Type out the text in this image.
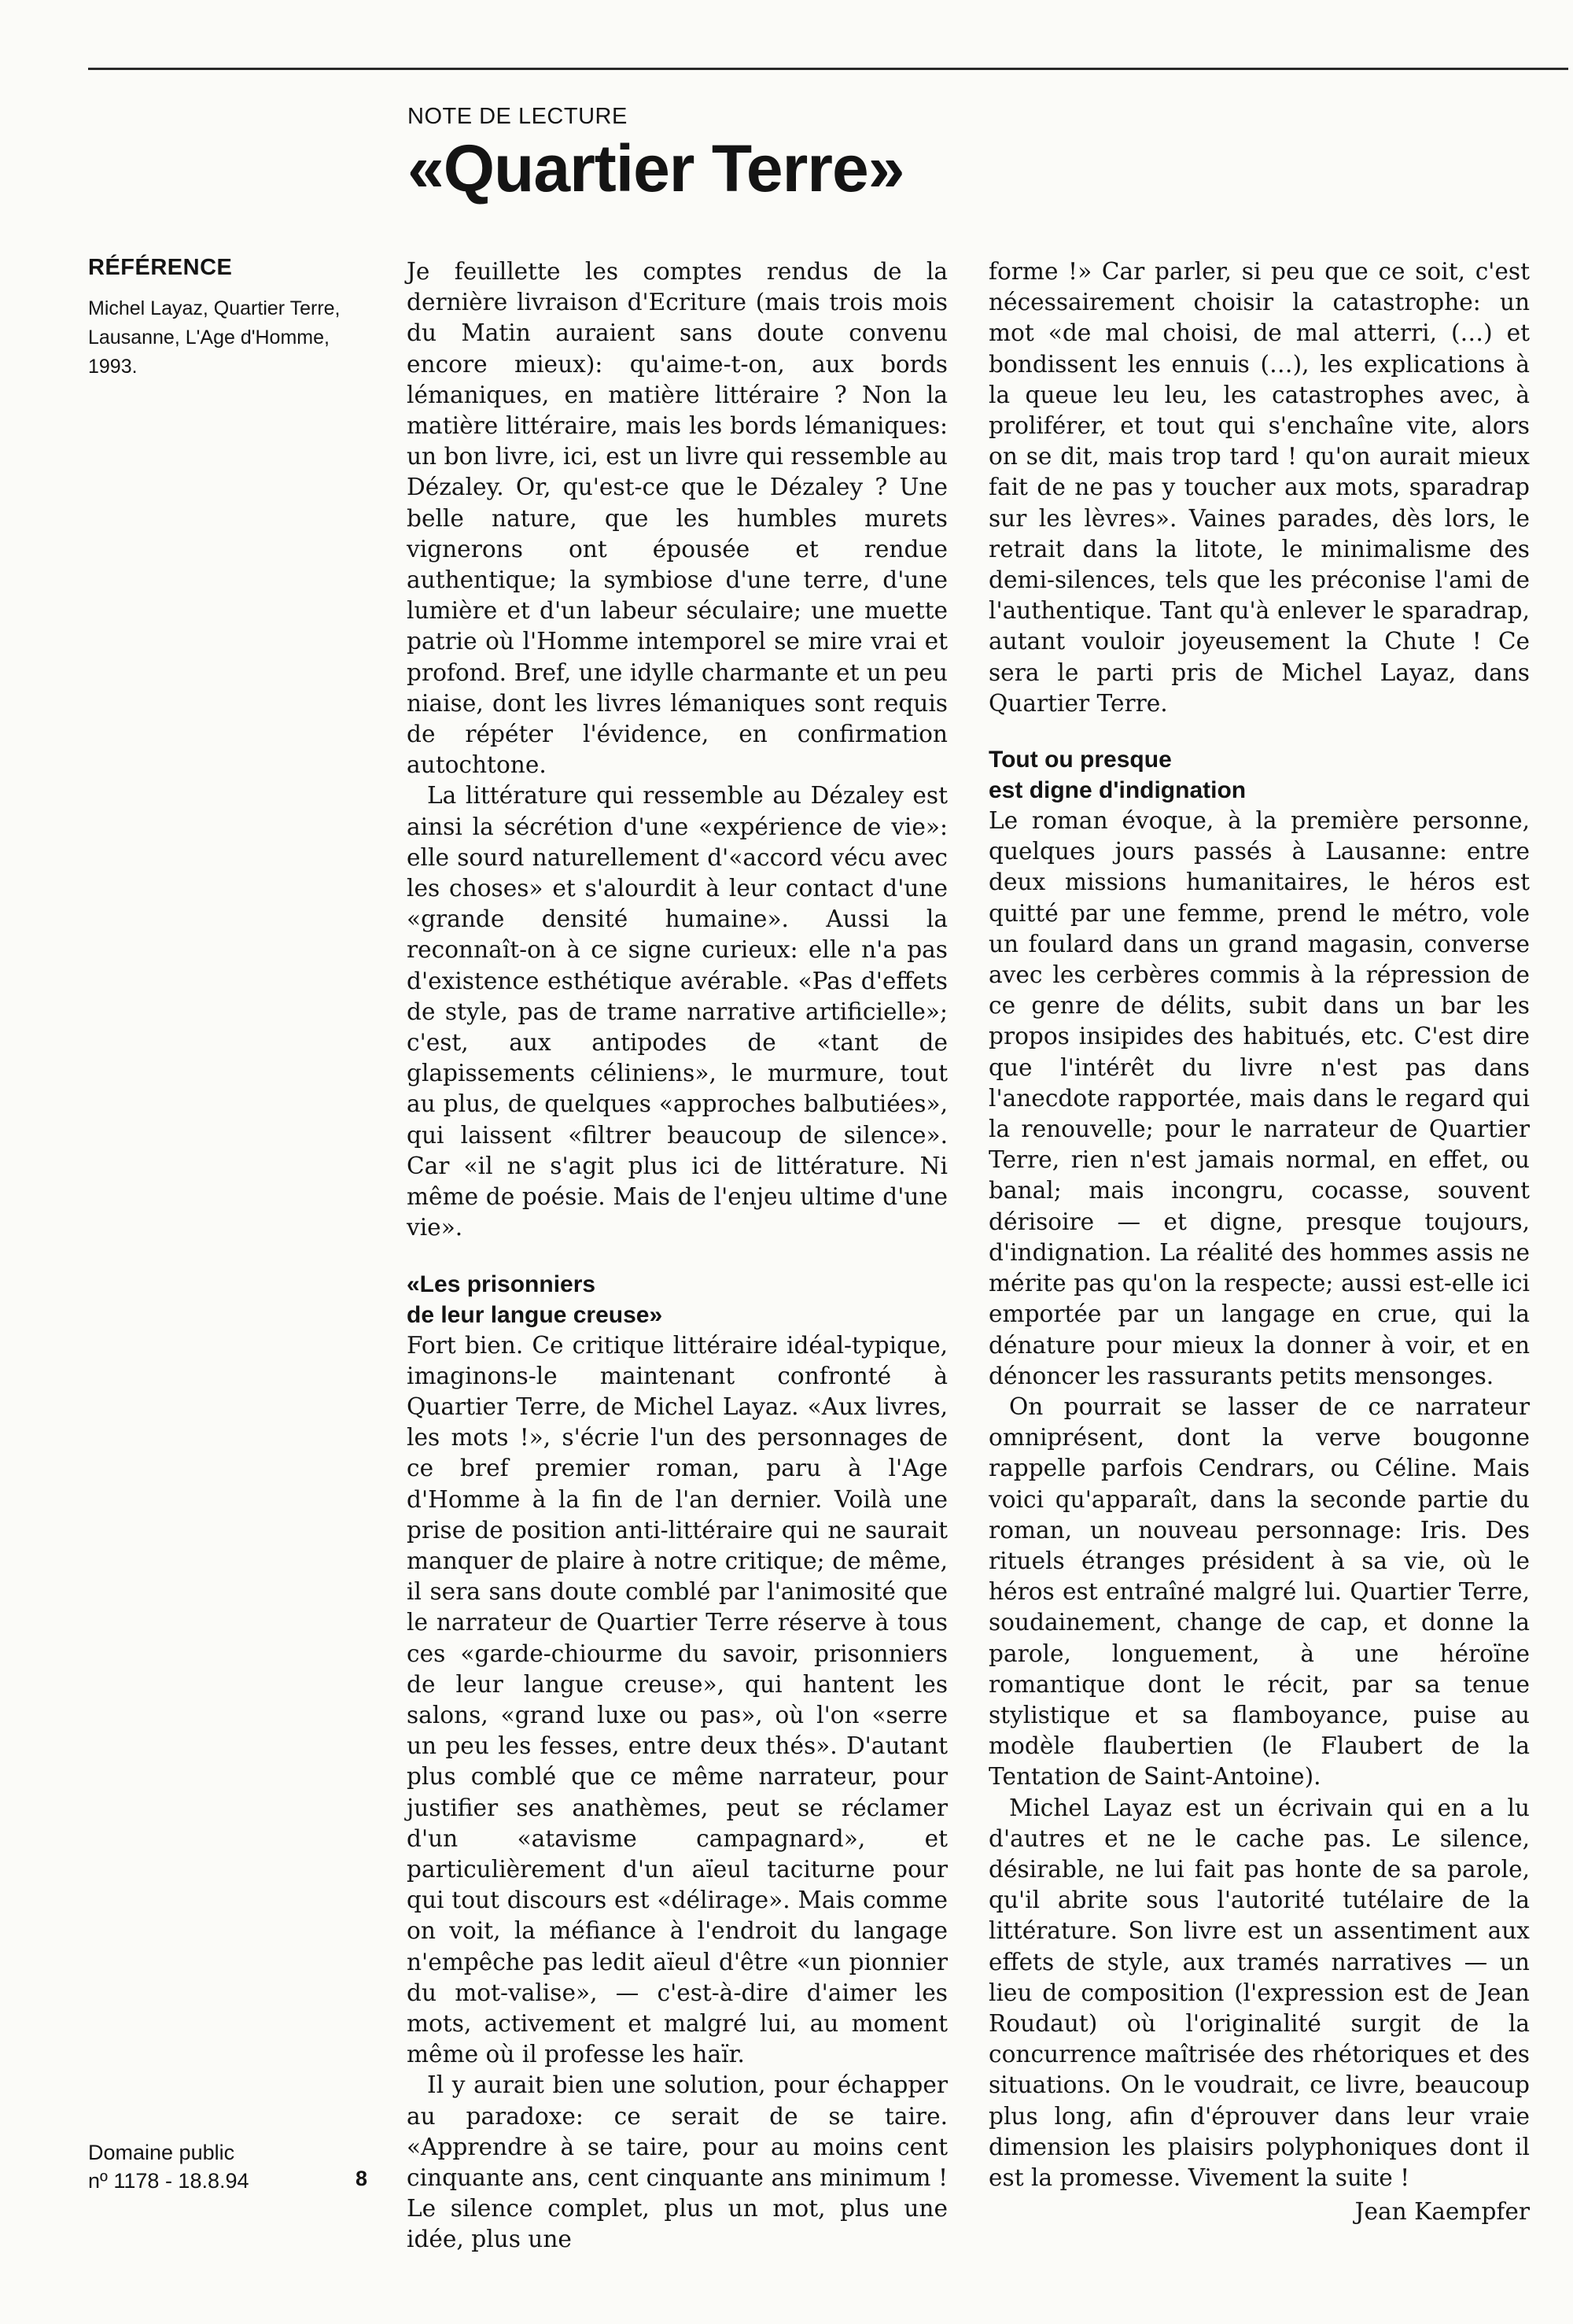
NOTE DE LECTURE
«Quartier Terre»
RÉFÉRENCE
Michel Layaz, Quartier Terre, Lausanne, L'Age d'Homme, 1993.
Domaine public
nº 1178 - 18.8.94	8

Je feuillette les comptes rendus de la dernière livraison d'Ecriture (mais trois mois du Matin auraient sans doute convenu encore mieux): qu'aime-t-on, aux bords lémaniques, en matière littéraire ? Non la matière littéraire, mais les bords lémaniques: un bon livre, ici, est un livre qui ressemble au Dézaley. Or, qu'est-ce que le Dézaley ? Une belle nature, que les humbles murets vignerons ont épousée et rendue authentique; la symbiose d'une terre, d'une lumière et d'un labeur séculaire; une muette patrie où l'Homme intemporel se mire vrai et profond. Bref, une idylle charmante et un peu niaise, dont les livres lémaniques sont requis de répéter l'évidence, en confirmation autochtone.

La littérature qui ressemble au Dézaley est ainsi la sécrétion d'une «expérience de vie»: elle sourd naturellement d'«accord vécu avec les choses» et s'alourdit à leur contact d'une «grande densité humaine». Aussi la reconnaît-on à ce signe curieux: elle n'a pas d'existence esthétique avérable. «Pas d'effets de style, pas de trame narrative artificielle»; c'est, aux antipodes de «tant de glapissements céliniens», le murmure, tout au plus, de quelques «approches balbutiées», qui laissent «filtrer beaucoup de silence». Car «il ne s'agit plus ici de littérature. Ni même de poésie. Mais de l'enjeu ultime d'une vie».

«Les prisonniers
de leur langue creuse»

Fort bien. Ce critique littéraire idéal-typique, imaginons-le maintenant confronté à Quartier Terre, de Michel Layaz. «Aux livres, les mots !», s'écrie l'un des personnages de ce bref premier roman, paru à l'Age d'Homme à la fin de l'an dernier. Voilà une prise de position anti-littéraire qui ne saurait manquer de plaire à notre critique; de même, il sera sans doute comblé par l'animosité que le narrateur de Quartier Terre réserve à tous ces «garde-chiourme du savoir, prisonniers de leur langue creuse», qui hantent les salons, «grand luxe ou pas», où l'on «serre un peu les fesses, entre deux thés». D'autant plus comblé que ce même narrateur, pour justifier ses anathèmes, peut se réclamer d'un «atavisme campagnard», et particulièrement d'un aïeul taciturne pour qui tout discours est «délirage». Mais comme on voit, la méfiance à l'endroit du langage n'empêche pas ledit aïeul d'être «un pionnier du mot-valise», — c'est-à-dire d'aimer les mots, activement et malgré lui, au moment même où il professe les haïr.

Il y aurait bien une solution, pour échapper au paradoxe: ce serait de se taire. «Apprendre à se taire, pour au moins cent cinquante ans, cent cinquante ans minimum ! Le silence complet, plus un mot, plus une idée, plus une

forme !» Car parler, si peu que ce soit, c'est nécessairement choisir la catastrophe: un mot «de mal choisi, de mal atterri, (…) et bondissent les ennuis (…), les explications à la queue leu leu, les catastrophes avec, à proliférer, et tout qui s'enchaîne vite, alors on se dit, mais trop tard ! qu'on aurait mieux fait de ne pas y toucher aux mots, sparadrap sur les lèvres». Vaines parades, dès lors, le retrait dans la litote, le minimalisme des demi-silences, tels que les préconise l'ami de l'authentique. Tant qu'à enlever le sparadrap, autant vouloir joyeusement la Chute ! Ce sera le parti pris de Michel Layaz, dans Quartier Terre.

Tout ou presque
est digne d'indignation

Le roman évoque, à la première personne, quelques jours passés à Lausanne: entre deux missions humanitaires, le héros est quitté par une femme, prend le métro, vole un foulard dans un grand magasin, converse avec les cerbères commis à la répression de ce genre de délits, subit dans un bar les propos insipides des habitués, etc. C'est dire que l'intérêt du livre n'est pas dans l'anecdote rapportée, mais dans le regard qui la renouvelle; pour le narrateur de Quartier Terre, rien n'est jamais normal, en effet, ou banal; mais incongru, cocasse, souvent dérisoire — et digne, presque toujours, d'indignation. La réalité des hommes assis ne mérite pas qu'on la respecte; aussi est-elle ici emportée par un langage en crue, qui la dénature pour mieux la donner à voir, et en dénoncer les rassurants petits mensonges.

On pourrait se lasser de ce narrateur omniprésent, dont la verve bougonne rappelle parfois Cendrars, ou Céline. Mais voici qu'apparaît, dans la seconde partie du roman, un nouveau personnage: Iris. Des rituels étranges président à sa vie, où le héros est entraîné malgré lui. Quartier Terre, soudainement, change de cap, et donne la parole, longuement, à une héroïne romantique dont le récit, par sa tenue stylistique et sa flamboyance, puise au modèle flaubertien (le Flaubert de la Tentation de Saint-Antoine).

Michel Layaz est un écrivain qui en a lu d'autres et ne le cache pas. Le silence, désirable, ne lui fait pas honte de sa parole, qu'il abrite sous l'autorité tutélaire de la littérature. Son livre est un assentiment aux effets de style, aux tramés narratives — un lieu de composition (l'expression est de Jean Roudaut) où l'originalité surgit de la concurrence maîtrisée des rhétoriques et des situations. On le voudrait, ce livre, beaucoup plus long, afin d'éprouver dans leur vraie dimension les plaisirs polyphoniques dont il est la promesse. Vivement la suite !

Jean Kaempfer
